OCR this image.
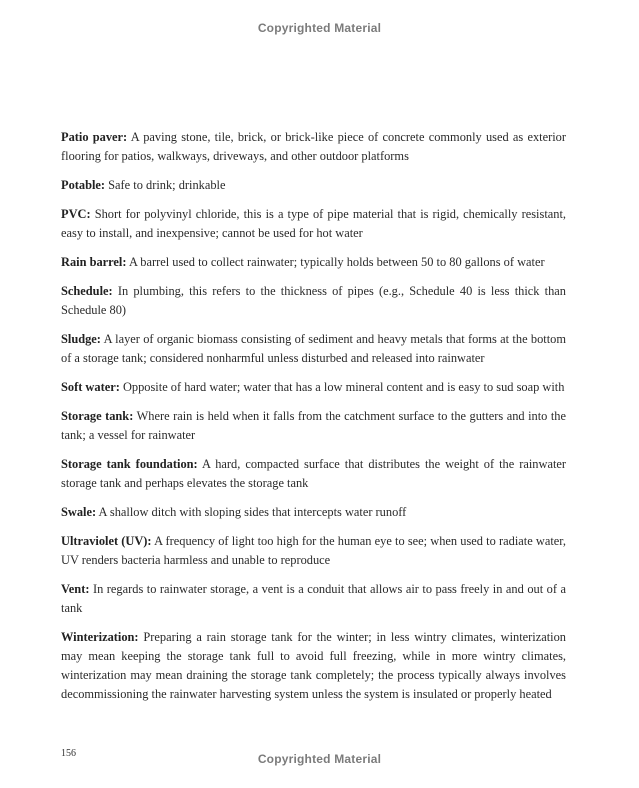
Copyrighted Material

Patio paver: A paving stone, tile, brick, or brick-like piece of concrete commonly used as exterior flooring for patios, walkways, driveways, and other outdoor platforms

Potable: Safe to drink; drinkable

PVC: Short for polyvinyl chloride, this is a type of pipe material that is rigid, chemically resistant, easy to install, and inexpensive; cannot be used for hot water

Rain barrel: A barrel used to collect rainwater; typically holds between 50 to 80 gallons of water

Schedule: In plumbing, this refers to the thickness of pipes (e.g., Schedule 40 is less thick than Schedule 80)

Sludge: A layer of organic biomass consisting of sediment and heavy metals that forms at the bottom of a storage tank; considered nonharmful unless disturbed and released into rainwater

Soft water: Opposite of hard water; water that has a low mineral content and is easy to sud soap with

Storage tank: Where rain is held when it falls from the catchment surface to the gutters and into the tank; a vessel for rainwater

Storage tank foundation: A hard, compacted surface that distributes the weight of the rainwater storage tank and perhaps elevates the storage tank

Swale: A shallow ditch with sloping sides that intercepts water runoff

Ultraviolet (UV): A frequency of light too high for the human eye to see; when used to radiate water, UV renders bacteria harmless and unable to reproduce

Vent: In regards to rainwater storage, a vent is a conduit that allows air to pass freely in and out of a tank

Winterization: Preparing a rain storage tank for the winter; in less wintry climates, winterization may mean keeping the storage tank full to avoid full freezing, while in more wintry climates, winterization may mean draining the storage tank completely; the process typically always involves decommissioning the rainwater harvesting system unless the system is insulated or properly heated

156	Copyrighted Material
